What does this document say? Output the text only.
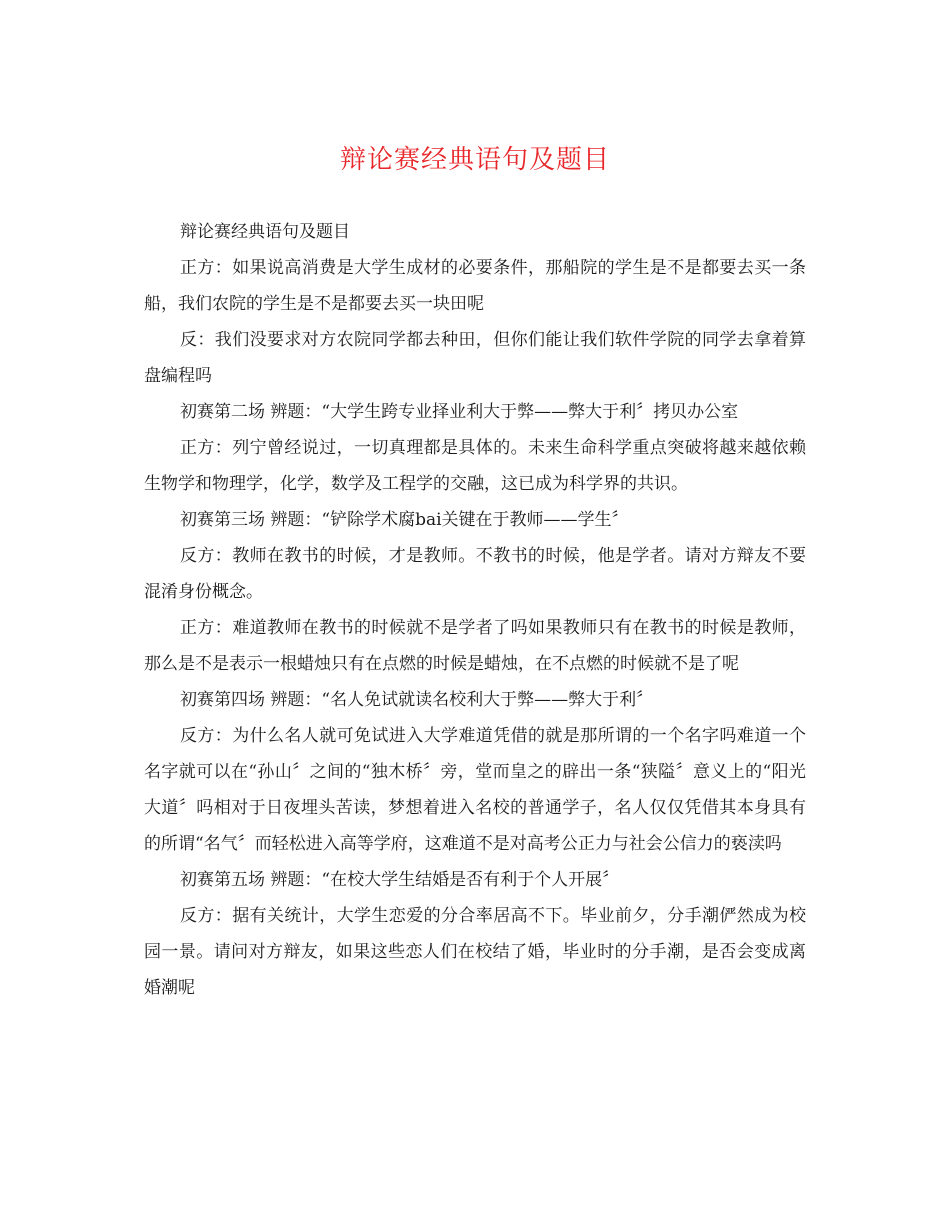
辩论赛经典语句及题目

辩论赛经典语句及题目

正方：如果说高消费是大学生成材的必要条件，那船院的学生是不是都要去买一条船，我们农院的学生是不是都要去买一块田呢

反：我们没要求对方农院同学都去种田，但你们能让我们软件学院的同学去拿着算盘编程吗

初赛第二场 辨题：“大学生跨专业择业利大于弊——弊大于利〞拷贝办公室

正方：列宁曾经说过，一切真理都是具体的。未来生命科学重点突破将越来越依赖生物学和物理学，化学，数学及工程学的交融，这已成为科学界的共识。

初赛第三场 辨题：“铲除学术腐bai关键在于教师——学生〞

反方：教师在教书的时候，才是教师。不教书的时候，他是学者。请对方辩友不要混淆身份概念。

正方：难道教师在教书的时候就不是学者了吗如果教师只有在教书的时候是教师，那么是不是表示一根蜡烛只有在点燃的时候是蜡烛，在不点燃的时候就不是了呢

初赛第四场 辨题：“名人免试就读名校利大于弊——弊大于利〞

反方：为什么名人就可免试进入大学难道凭借的就是那所谓的一个名字吗难道一个名字就可以在“孙山〞之间的“独木桥〞旁，堂而皇之的辟出一条“狭隘〞意义上的“阳光大道〞吗相对于日夜埋头苦读，梦想着进入名校的普通学子，名人仅仅凭借其本身具有的所谓“名气〞而轻松进入高等学府，这难道不是对高考公正力与社会公信力的亵渎吗

初赛第五场 辨题：“在校大学生结婚是否有利于个人开展〞

反方：据有关统计，大学生恋爱的分合率居高不下。毕业前夕，分手潮俨然成为校园一景。请问对方辩友，如果这些恋人们在校结了婚，毕业时的分手潮，是否会变成离婚潮呢
